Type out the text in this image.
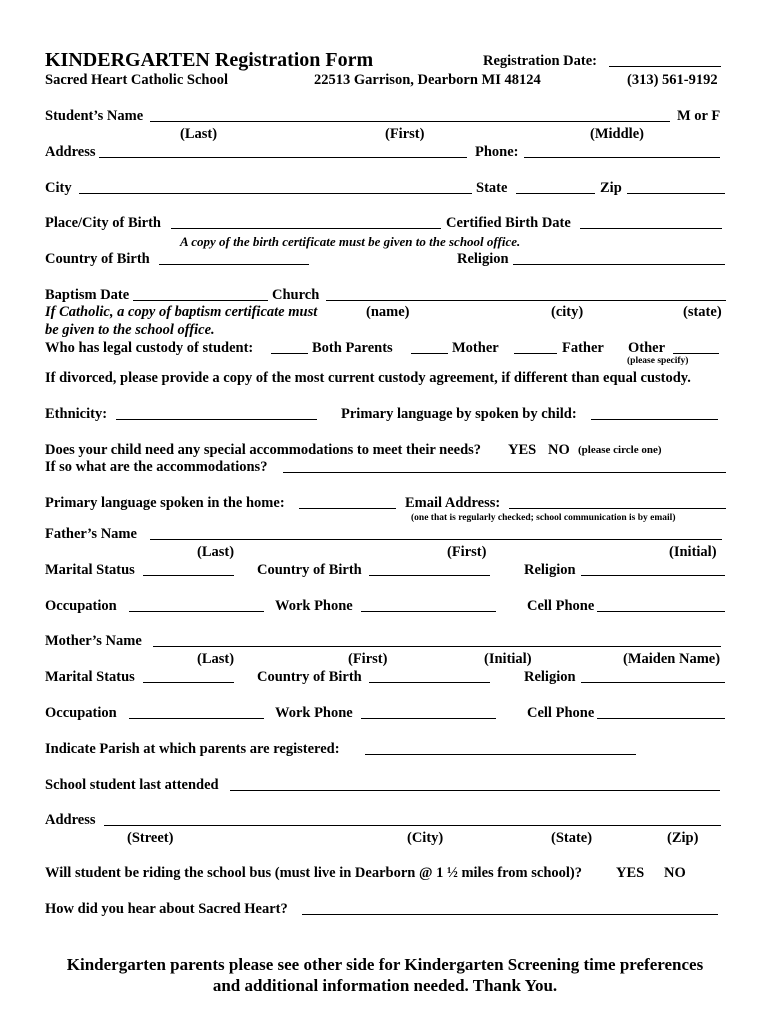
KINDERGARTEN Registration Form	Registration Date:
Sacred Heart Catholic School	22513 Garrison, Dearborn MI 48124	(313) 561-9192
Student’s Name	M or F
(Last)	(First)	(Middle)
Address	Phone:
City	State	Zip
Place/City of Birth	Certified Birth Date
A copy of the birth certificate must be given to the school office.
Country of Birth	Religion
Baptism Date	Church
If Catholic, a copy of baptism certificate must	(name)	(city)	(state)
be given to the school office.
Who has legal custody of student:	Both Parents	Mother	Father Other
(please specify)
If divorced, please provide a copy of the most current custody agreement, if different than equal custody.
Ethnicity:	Primary language by spoken by child:
Does your child need any special accommodations to meet their needs? YES NO (please circle one)
If so what are the accommodations?
Primary language spoken in the home:	Email Address:
(one that is regularly checked; school communication is by email)
Father’s Name
(Last)	(First)	(Initial)
Marital Status	Country of Birth	Religion
Occupation	Work Phone	Cell Phone
Mother’s Name
(Last)	(First)	(Initial)	(Maiden Name)
Marital Status	Country of Birth	Religion
Occupation	Work Phone	Cell Phone
Indicate Parish at which parents are registered:
School student last attended
Address
(Street)	(City)	(State)	(Zip)
Will student be riding the school bus (must live in Dearborn @ 1 ½ miles from school)? YES NO
How did you hear about Sacred Heart?
Kindergarten parents please see other side for Kindergarten Screening time preferences
and additional information needed. Thank You.
